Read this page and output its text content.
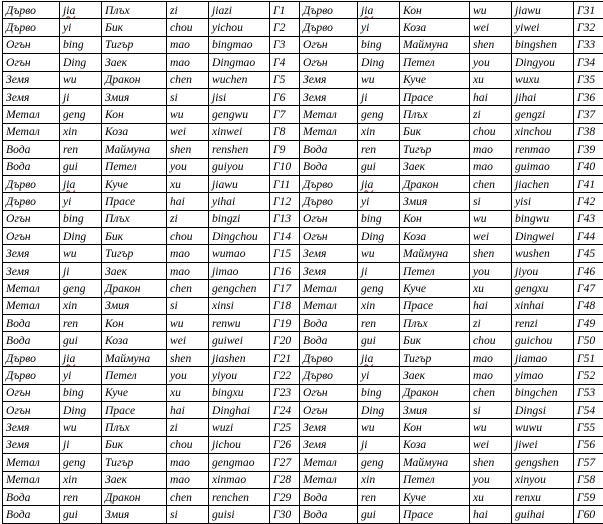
Дърво	jia	Плъх	zi	jiazi	Г1	Дърво	jia	Кон	wu	jiawu	Г31
Дърво	yi	Бик	chou	yichou	Г2	Дърво	yi	Коза	wei	yiwei	Г32
Огън	bing	Тигър	mao	bingmao	Г3	Огън	bing	Маймуна	shen	bingshen	Г33
Огън	Ding	Заек	mao	Dingmao	Г4	Огън	Ding	Петел	you	Dingyou	Г34
Земя	wu	Дракон	chen	wuchen	Г5	Земя	wu	Куче	xu	wuxu	Г35
Земя	ji	Змия	si	jisi	Г6	Земя	ji	Прасе	hai	jihai	Г36
Метал	geng	Кон	wu	gengwu	Г7	Метал	geng	Плъх	zi	gengzi	Г37
Метал	xin	Коза	wei	xinwei	Г8	Метал	xin	Бик	chou	xinchou	Г38
Вода	ren	Маймуна	shen	renshen	Г9	Вода	ren	Тигър	mao	renmao	Г39
Вода	gui	Петел	you	guiyou	Г10	Вода	gui	Заек	mao	guimao	Г40
Дърво	jia	Куче	xu	jiawu	Г11	Дърво	jia	Дракон	chen	jiachen	Г41
Дърво	yi	Прасе	hai	yihai	Г12	Дърво	yi	Змия	si	yisi	Г42
Огън	bing	Плъх	zi	bingzi	Г13	Огън	bing	Кон	wu	bingwu	Г43
Огън	Ding	Бик	chou	Dingchou	Г14	Огън	Ding	Коза	wei	Dingwei	Г44
Земя	wu	Тигър	mao	wumao	Г15	Земя	wu	Маймуна	shen	wushen	Г45
Земя	ji	Заек	mao	jimao	Г16	Земя	ji	Петел	you	jiyou	Г46
Метал	geng	Дракон	chen	gengchen	Г17	Метал	geng	Куче	xu	gengxu	Г47
Метал	xin	Змия	si	xinsi	Г18	Метал	xin	Прасе	hai	xinhai	Г48
Вода	ren	Кон	wu	renwu	Г19	Вода	ren	Плъх	zi	renzi	Г49
Вода	gui	Коза	wei	guiwei	Г20	Вода	gui	Бик	chou	guichou	Г50
Дърво	jia	Маймуна	shen	jiashen	Г21	Дърво	jia	Тигър	mao	jiamao	Г51
Дърво	yi	Петел	you	yiyou	Г22	Дърво	yi	Заек	mao	yimao	Г52
Огън	bing	Куче	xu	bingxu	Г23	Огън	bing	Дракон	chen	bingchen	Г53
Огън	Ding	Прасе	hai	Dinghai	Г24	Огън	Ding	Змия	si	Dingsi	Г54
Земя	wu	Плъх	zi	wuzi	Г25	Земя	wu	Кон	wu	wuwu	Г55
Земя	ji	Бик	chou	jichou	Г26	Земя	ji	Коза	wei	jiwei	Г56
Метал	geng	Тигър	mao	gengmao	Г27	Метал	geng	Маймуна	shen	gengshen	Г57
Метал	xin	Заек	mao	xinmao	Г28	Метал	xin	Петел	you	xinyou	Г58
Вода	ren	Дракон	chen	renchen	Г29	Вода	ren	Куче	xu	renxu	Г59
Вода	gui	Змия	si	guisi	Г30	Вода	gui	Прасе	hai	guihai	Г60
